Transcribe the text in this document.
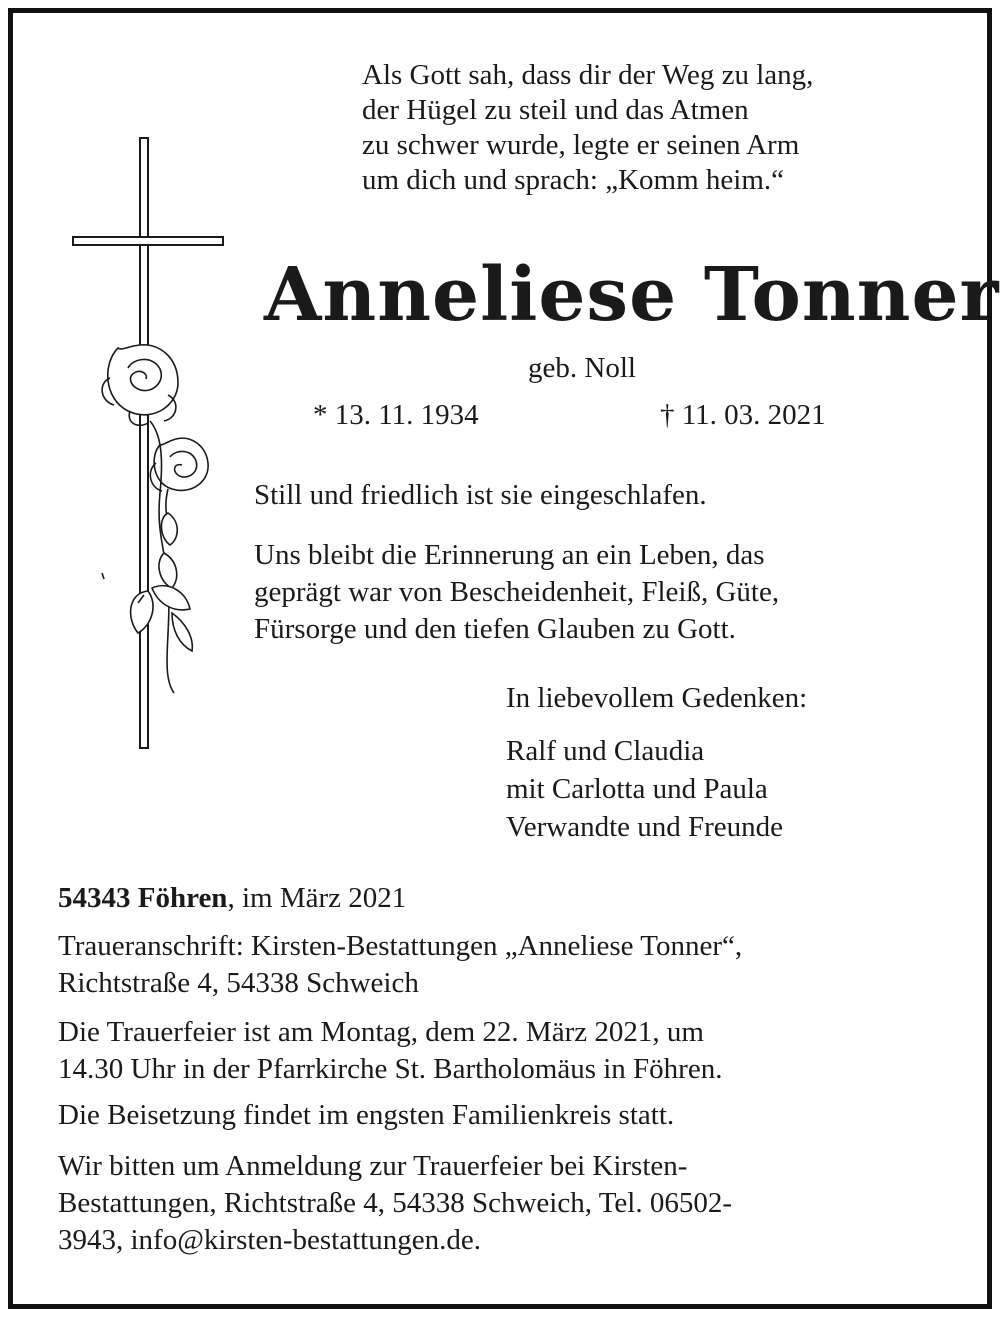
Als Gott sah, dass dir der Weg zu lang,
der Hügel zu steil und das Atmen
zu schwer wurde, legte er seinen Arm
um dich und sprach: „Komm heim.“
Anneliese Tonner
geb. Noll
* 13. 11. 1934	† 11. 03. 2021
Still und friedlich ist sie eingeschlafen.
Uns bleibt die Erinnerung an ein Leben, das
geprägt war von Bescheidenheit, Fleiß, Güte,
Fürsorge und den tiefen Glauben zu Gott.
In liebevollem Gedenken:
Ralf und Claudia
mit Carlotta und Paula
Verwandte und Freunde
54343 Föhren, im März 2021
Traueranschrift: Kirsten-Bestattungen „Anneliese Tonner“,
Richtstraße 4, 54338 Schweich
Die Trauerfeier ist am Montag, dem 22. März 2021, um
14.30 Uhr in der Pfarrkirche St. Bartholomäus in Föhren.
Die Beisetzung findet im engsten Familienkreis statt.
Wir bitten um Anmeldung zur Trauerfeier bei Kirsten-
Bestattungen, Richtstraße 4, 54338 Schweich, Tel. 06502-
3943, info@kirsten-bestattungen.de.
